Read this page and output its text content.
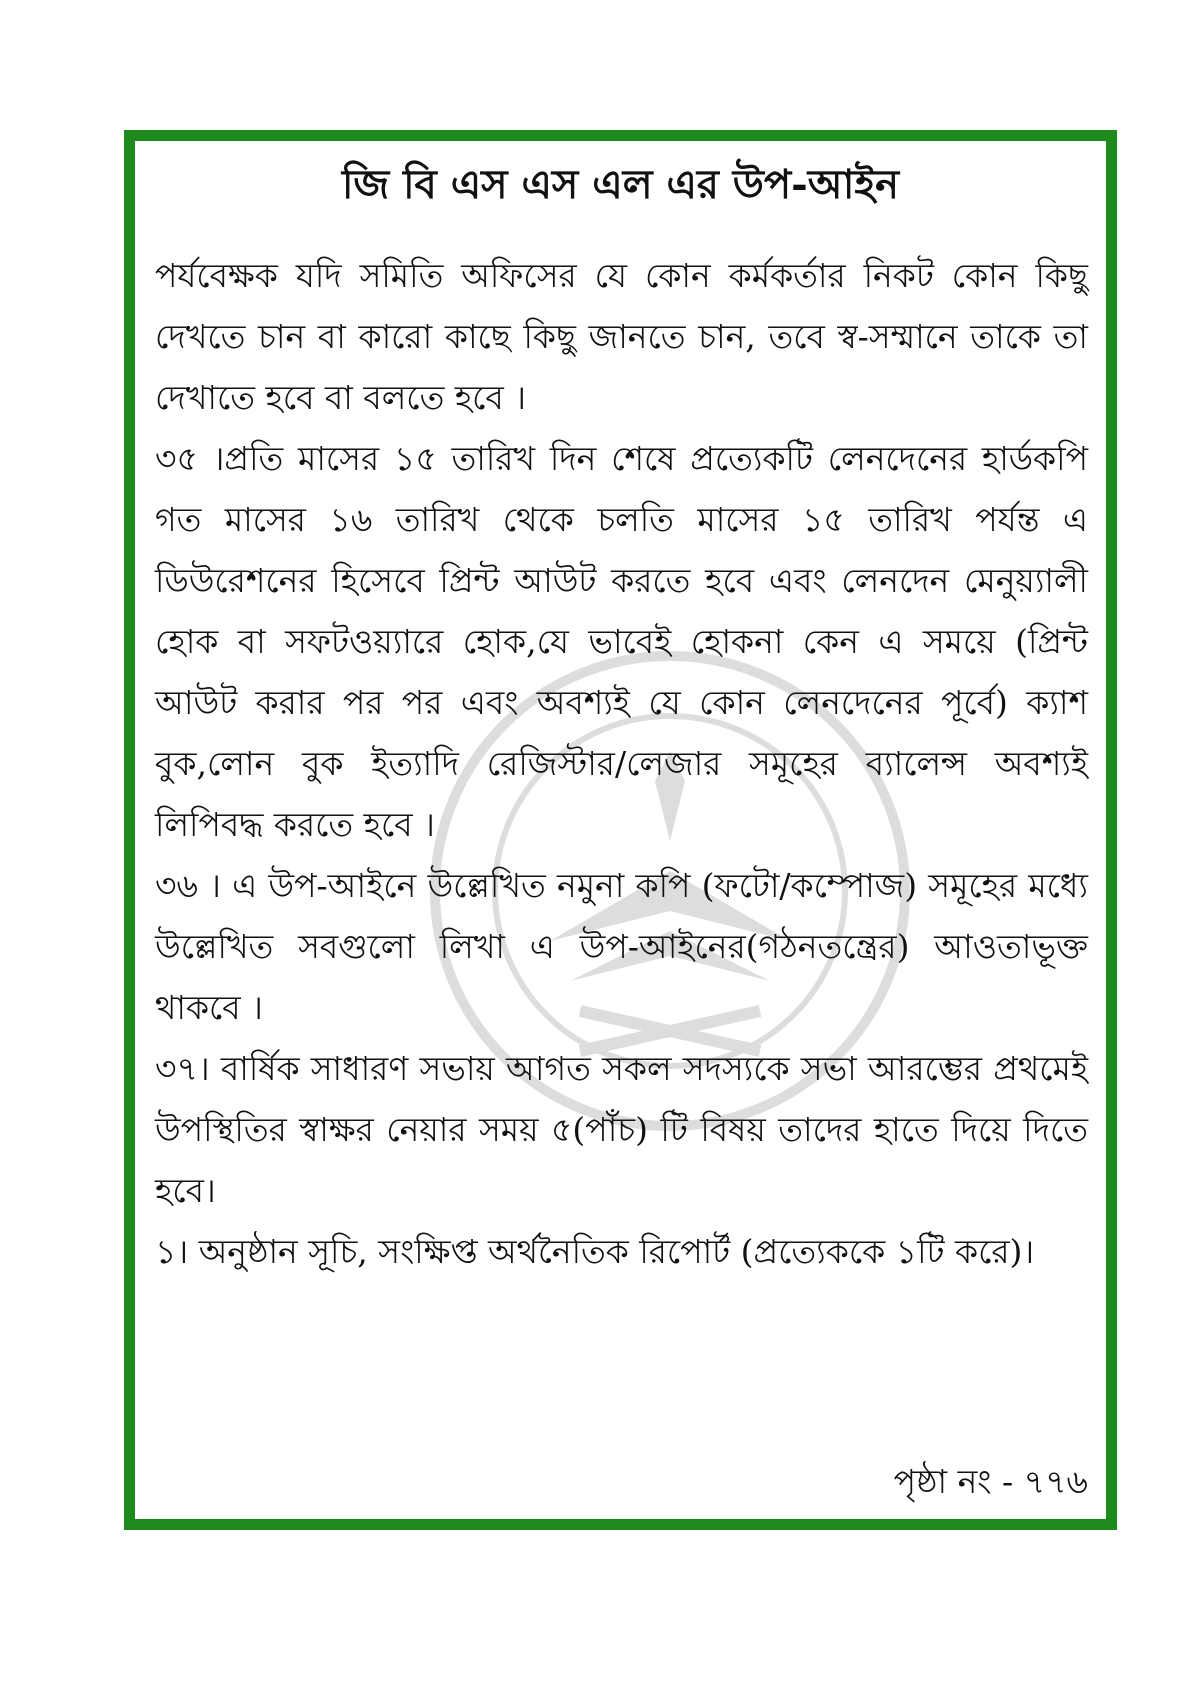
জি বি এস এস এল এর উপ-আইন

পর্যবেক্ষক যদি সমিতি অফিসের যে কোন কর্মকর্তার নিকট কোন কিছু দেখতে চান বা কারো কাছে কিছু জানতে চান, তবে স্ব-সম্মানে তাকে তা দেখাতে হবে বা বলতে হবে ।

৩৫ ।প্রতি মাসের ১৫ তারিখ দিন শেষে প্রত্যেকটি লেনদেনের হার্ডকপি গত মাসের ১৬ তারিখ থেকে চলতি মাসের ১৫ তারিখ পর্যন্ত এ ডিউরেশনের হিসেবে প্রিন্ট আউট করতে হবে এবং লেনদেন মেনুয়্যালী হোক বা সফটওয়্যারে হোক,যে ভাবেই হোকনা কেন এ সময়ে (প্রিন্ট আউট করার পর পর এবং অবশ্যই যে কোন লেনদেনের পূর্বে) ক্যাশ বুক,লোন বুক ইত্যাদি রেজিস্টার/লেজার সমূহের ব্যালেন্স অবশ্যই লিপিবদ্ধ করতে হবে ।

৩৬ । এ উপ-আইনে উল্লেখিত নমুনা কপি (ফটো/কম্পোজ) সমূহের মধ্যে উল্লেখিত সবগুলো লিখা এ উপ-আইনের(গঠনতন্ত্রের) আওতাভূক্ত থাকবে ।

৩৭। বার্ষিক সাধারণ সভায় আগত সকল সদস্যকে সভা আরম্ভের প্রথমেই উপস্থিতির স্বাক্ষর নেয়ার সময় ৫(পাঁচ) টি বিষয় তাদের হাতে দিয়ে দিতে হবে।

১। অনুষ্ঠান সূচি, সংক্ষিপ্ত অর্থনৈতিক রিপোর্ট (প্রত্যেককে ১টি করে)।

পৃষ্ঠা নং - ৭৭৬
